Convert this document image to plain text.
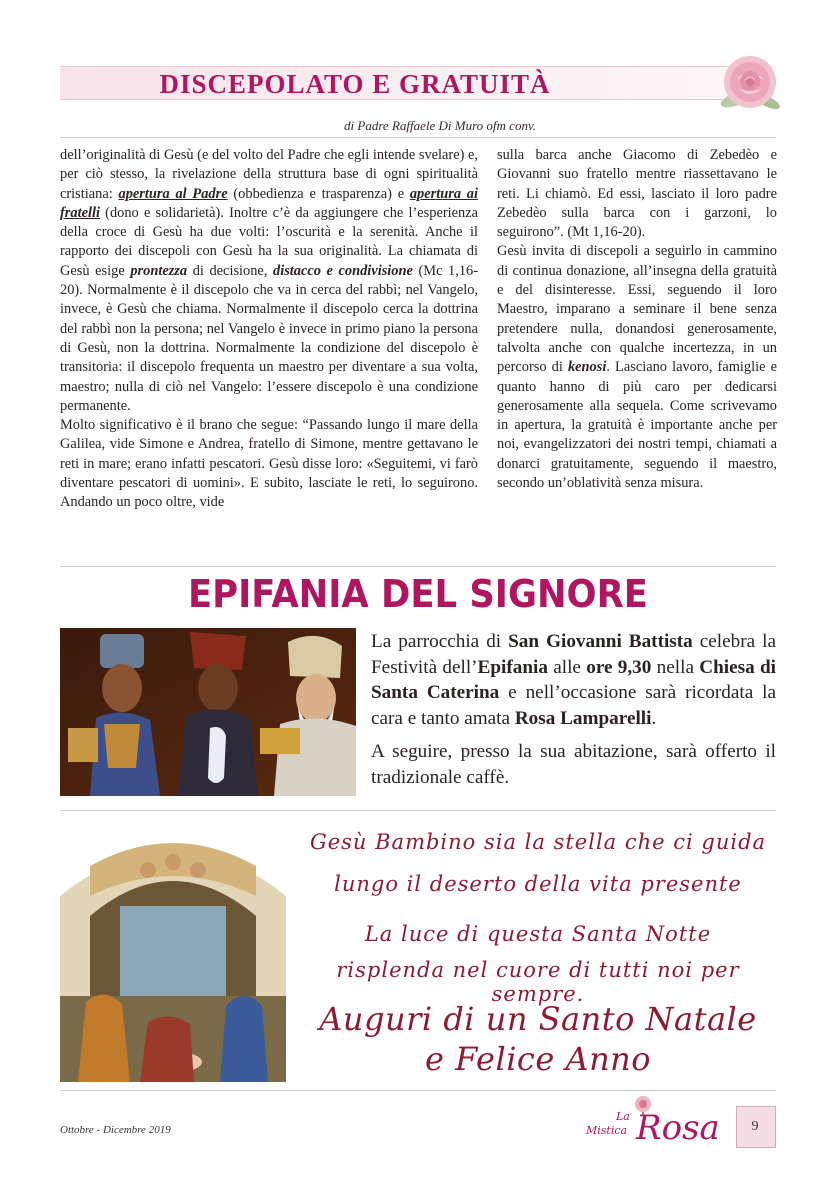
DISCEPOLATO E GRATUITÀ

di Padre Raffaele Di Muro ofm conv.

dell’originalità di Gesù (e del volto del Padre che egli intende svelare) e, per ciò stesso, la rivelazione della struttura base di ogni spiritualità cristiana: apertura al Padre (obbedienza e trasparenza) e apertura ai fratelli (dono e solidarietà). Inoltre c’è da aggiungere che l’esperienza della croce di Gesù ha due volti: l’oscurità e la serenità. Anche il rapporto dei discepoli con Gesù ha la sua originalità. La chiamata di Gesù esige prontezza di decisione, distacco e condivisione (Mc 1,16-20). Normalmente è il discepolo che va in cerca del rabbì; nel Vangelo, invece, è Gesù che chiama. Normalmente il discepolo cerca la dottrina del rabbì non la persona; nel Vangelo è invece in primo piano la persona di Gesù, non la dottrina. Normalmente la condizione del discepolo è transitoria: il discepolo frequenta un maestro per diventare a sua volta, maestro; nulla di ciò nel Vangelo: l’essere discepolo è una condizione permanente.

Molto significativo è il brano che segue: “Passando lungo il mare della Galilea, vide Simone e Andrea, fratello di Simone, mentre gettavano le reti in mare; erano infatti pescatori. Gesù disse loro: «Seguitemi, vi farò diventare pescatori di uomini». E subito, lasciate le reti, lo seguirono. Andando un poco oltre, vide

sulla barca anche Giacomo di Zebedèo e Giovanni suo fratello mentre riassettavano le reti. Li chiamò. Ed essi, lasciato il loro padre Zebedèo sulla barca con i garzoni, lo seguirono”. (Mt 1,16-20).

Gesù invita di discepoli a seguirlo in cammino di continua donazione, all’insegna della gratuità e del disinteresse. Essi, seguendo il loro Maestro, imparano a seminare il bene senza pretendere nulla, donandosi generosamente, talvolta anche con qualche incertezza, in un percorso di kenosi. Lasciano lavoro, famiglie e quanto hanno di più caro per dedicarsi generosamente alla sequela. Come scrivevamo in apertura, la gratuità è importante anche per noi, evangelizzatori dei nostri tempi, chiamati a donarci gratuitamente, seguendo il maestro, secondo un’oblatività senza misura.

EPIFANIA DEL SIGNORE

La parrocchia di San Giovanni Battista celebra la Festività dell’Epifania alle ore 9,30 nella Chiesa di Santa Caterina e nell’occasione sarà ricordata la cara e tanto amata Rosa Lamparelli.

A seguire, presso la sua abitazione, sarà offerto il tradizionale caffè.

Gesù Bambino sia la stella che ci guida

lungo il deserto della vita presente

La luce di questa Santa Notte

risplenda nel cuore di tutti noi per sempre.

Auguri di un Santo Natale

e Felice Anno

Ottobre - Dicembre 2019
La
Mistica Rosa	9
